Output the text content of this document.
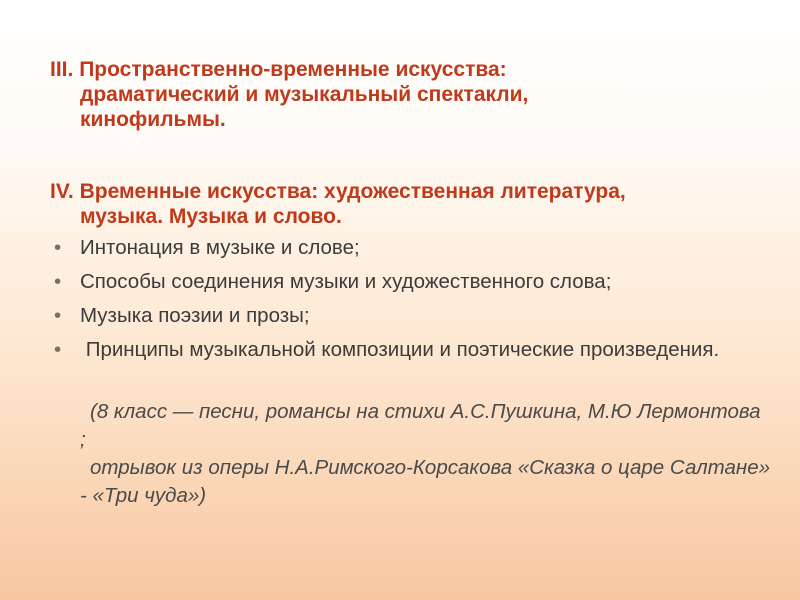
III. Пространственно-временные искусства:
драматический и музыкальный спектакли,
кинофильмы.

IV. Временные искусства: художественная литература,
музыка. Музыка и слово.

• Интонация в музыке и слове;
• Способы соединения музыки и художественного слова;
• Музыка поэзии и прозы;
• Принципы музыкальной композиции и поэтические произведения.

(8 класс — песни, романсы на стихи А.С.Пушкина, М.Ю Лермонтова ;

отрывок из оперы Н.А.Римского-Корсакова «Сказка о царе Салтане» - «Три чуда»)
